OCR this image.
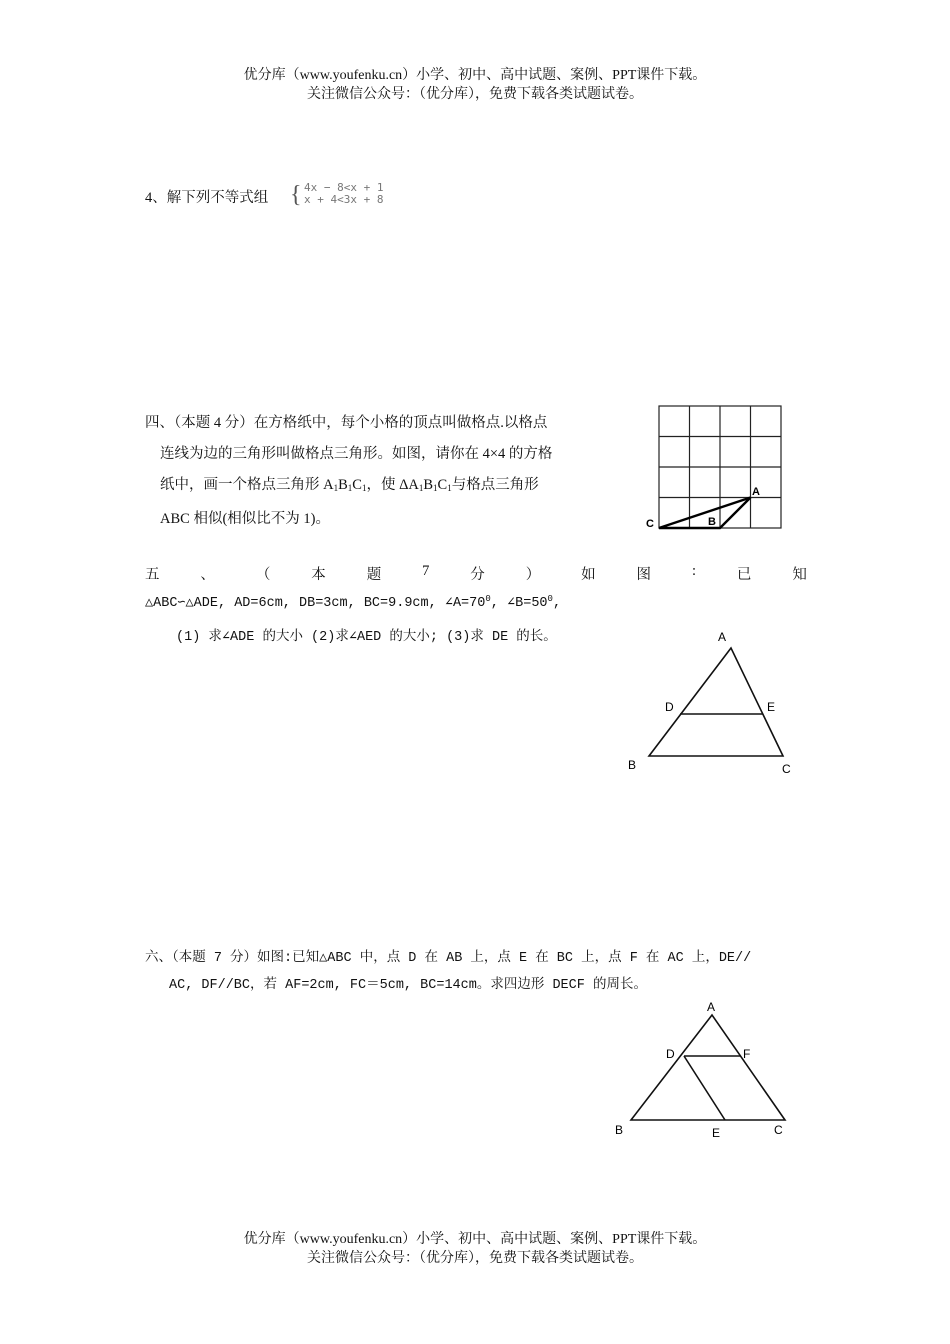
优分库（www.youfenku.cn）小学、初中、高中试题、案例、PPT课件下载。
关注微信公众号：（优分库），免费下载各类试题试卷。
4、解下列不等式组 { 4x − 8<x + 1
x + 4<3x + 8
四、（本题 4 分）在方格纸中，每个小格的顶点叫做格点.以格点
连线为边的三角形叫做格点三角形。如图，请你在 4×4 的方格
纸中，画一个格点三角形 $A_1B_1C_1$，使 $\Delta A_1B_1C_1$与格点三角形
ABC 相似(相似比不为 1)。
A
B
C
五	、	（	本	题	7	分	）	如	图	:	已	知
△ABC∽△ADE, AD=6cm, DB=3cm, BC=9.9cm, $\angle A=70^0$, $\angle B=50^0$,
(1) 求∠ADE 的大小 (2)求∠AED 的大小; (3)求 DE 的长。	A
D	E
B	C
六、（本题 7 分）如图:已知△ABC 中，点 D 在 AB 上，点 E 在 BC 上，点 F 在 AC 上，DE//
AC, DF//BC，若 AF=2cm, FC＝5cm, BC=14cm。求四边形 DECF 的周长。
A
D	F
B	E	C
优分库（www.youfenku.cn）小学、初中、高中试题、案例、PPT课件下载。
关注微信公众号：（优分库），免费下载各类试题试卷。
